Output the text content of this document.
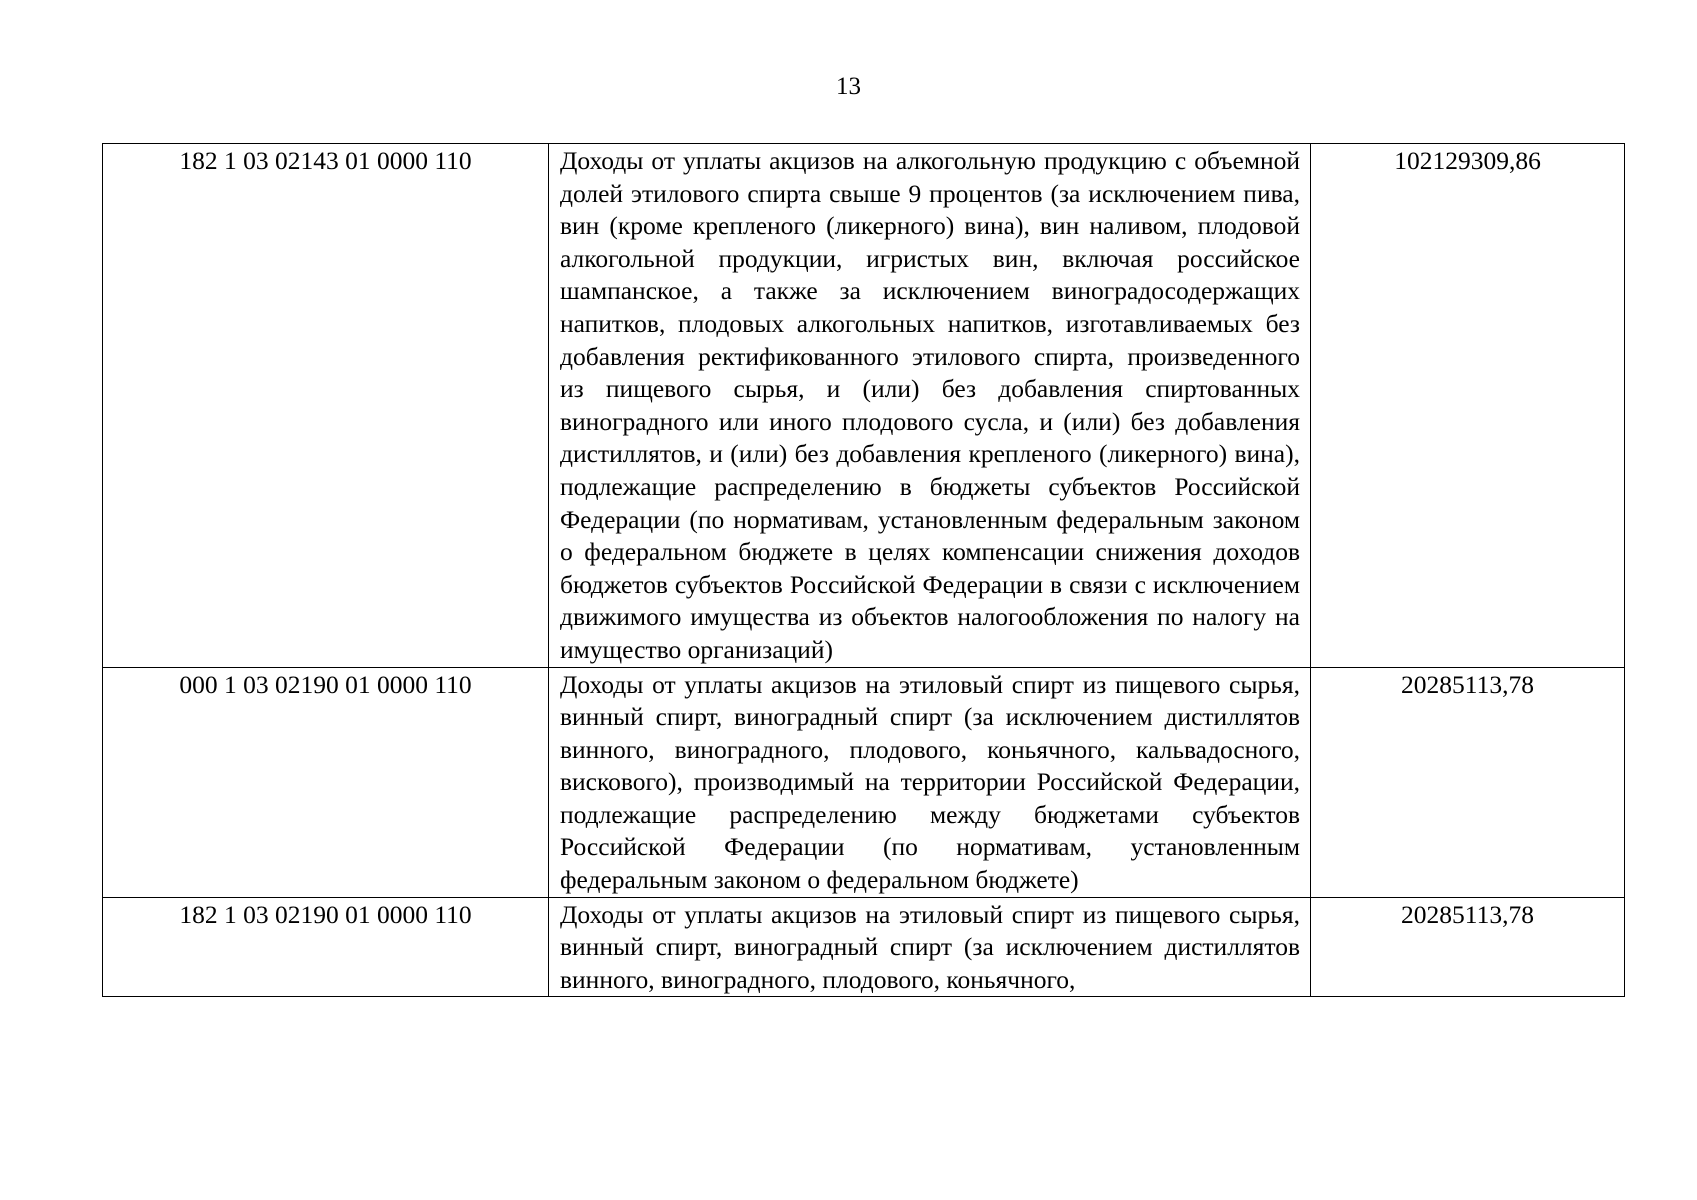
13
182 1 03 02143 01 0000 110	Доходы от уплаты акцизов на алкогольную продукцию с объемной долей этилового спирта свыше 9 процентов (за исключением пива, вин (кроме крепленого (ликерного) вина), вин наливом, плодовой алкогольной продукции, игристых вин, включая российское шампанское, а также за исключением виноградосодержащих напитков, плодовых алкогольных напитков, изготавливаемых без добавления ректификованного этилового спирта, произведенного из пищевого сырья, и (или) без добавления спиртованных виноградного или иного плодового сусла, и (или) без добавления дистиллятов, и (или) без добавления крепленого (ликерного) вина), подлежащие распределению в бюджеты субъектов Российской Федерации (по нормативам, установленным федеральным законом о федеральном бюджете в целях компенсации снижения доходов бюджетов субъектов Российской Федерации в связи с исключением движимого имущества из объектов налогообложения по налогу на имущество организаций)	102129309,86
000 1 03 02190 01 0000 110	Доходы от уплаты акцизов на этиловый спирт из пищевого сырья, винный спирт, виноградный спирт (за исключением дистиллятов винного, виноградного, плодового, коньячного, кальвадосного, вискового), производимый на территории Российской Федерации, подлежащие распределению между бюджетами субъектов Российской Федерации (по нормативам, установленным федеральным законом о федеральном бюджете)	20285113,78
182 1 03 02190 01 0000 110	Доходы от уплаты акцизов на этиловый спирт из пищевого сырья, винный спирт, виноградный спирт (за исключением дистиллятов винного, виноградного, плодового, коньячного,	20285113,78
